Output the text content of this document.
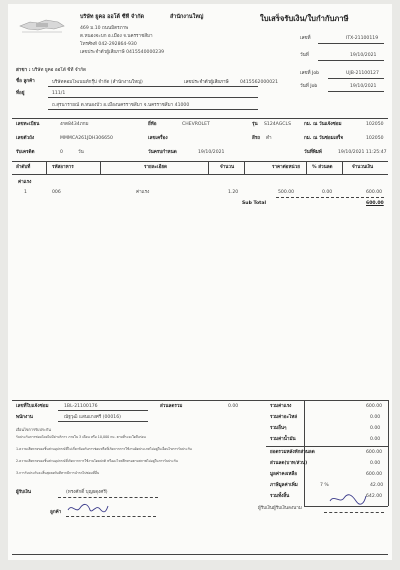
บริษัท ยูคอ ออโต้ ซีที จำกัด	สำนักงานใหญ่
469 ม.10 ถนนมิตรภาพ
ต.หนองจะบก อ.เมือง จ.นครราชสีมา
โทรศัพท์ 042-292864-930
เลขประจำตัวผู้เสียภาษี 0415540000239
ใบเสร็จรับเงิน/ใบกำกับภาษี
เลขที่	ITX-21100119
วันที่	19/10/2021
สาขา : บริษัท ยูคอ ออโต้ ซีที จำกัด
ชื่อ ลูกค้า	บริษัทคอมโพเนนท์กรุ๊ป จำกัด (สำนักงานใหญ่)	เลขประจำตัวผู้เสียภาษี 0415562000021
ที่อยู่	111/1
ถ.สุรนารายณ์ ต.หนองบัว อ.เมืองนครราชสีมา จ.นครราชสีมา 41000
เลขที่ Job	UJB-21100127
วันที่ Job	19/10/2021
เลขทะเบียน	งกต8434ภกม	ยี่ห้อ	CHEVROLET	รุ่น S124AGCLS	กม. ณ วันแจ้งซ่อม	102050
เลขตัวถัง	MMMCA261JDH306650	เลขเครื่อง	สีรถ ดำ	กม. ณ วันซ่อมเสร็จ	102050
รับเครดิต	0	วัน	วันครบกำหนด	19/10/2021	วันที่พิมพ์	19/10/2021 11:25:47
ลำดับที่	รหัสอาหาร	รายละเอียด	จำนวน	ราคาต่อหน่วย	% ส่วนลด	จำนวนเงิน
ค่าแรง
1	006	ค่าแรง	1.20	500.00	0.00	600.00
Sub Total	600.00
เลขที่ใบแจ้งซ่อม	1BL-21100176	ส่วนลดรวม	0.00
พนักงาน	ณัฐวุฒิ แสนแกงศรี (00016)
เงื่อนไขการรับประกัน
รับประกันการซ่อมโดยไม่มีค่าบริการ ภายใน 3 เดือน หรือ 10,000 กม. ตามที่ระยะใดถึงก่อน
1.ความเสียหายของชิ้นส่วนอุปกรณ์ที่ไม่เกี่ยวข้องกับการซ่อมหรือที่เกิดจากการใช้งานผิดประเภทไม่อยู่ในเงื่อนไขการรับประกัน
2.ความเสียหายของชิ้นส่วนอุปกรณ์ที่เกิดจากการใช้งานโดยปกติ หรืออะไหล่สึกหรอตามสภาพไม่อยู่ในการรับประกัน
3.การรับประกันจะสิ้นสุดลงทันทีหากมีการนำรถไปซ่อมที่อื่น
ผู้รับเงิน	(ทรงศักดิ์ บุญผดุงศรี)
ลูกค้า
ผู้รับเงินผู้รับเงินลงนาม
รวมค่าแรง	600.00
รวมค่าอะไหล่	0.00
รวมอื่นๆ	0.00
รวมค่าน้ำมัน	0.00
ยอดรวมหลังหักส่วนลด	600.00
ส่วนลด(บาท/ส่วน)	0.00
มูลค่าคงเหลือ	600.00
ภาษีมูลค่าเพิ่ม	7 %	42.00
รวมทั้งสิ้น	642.00
